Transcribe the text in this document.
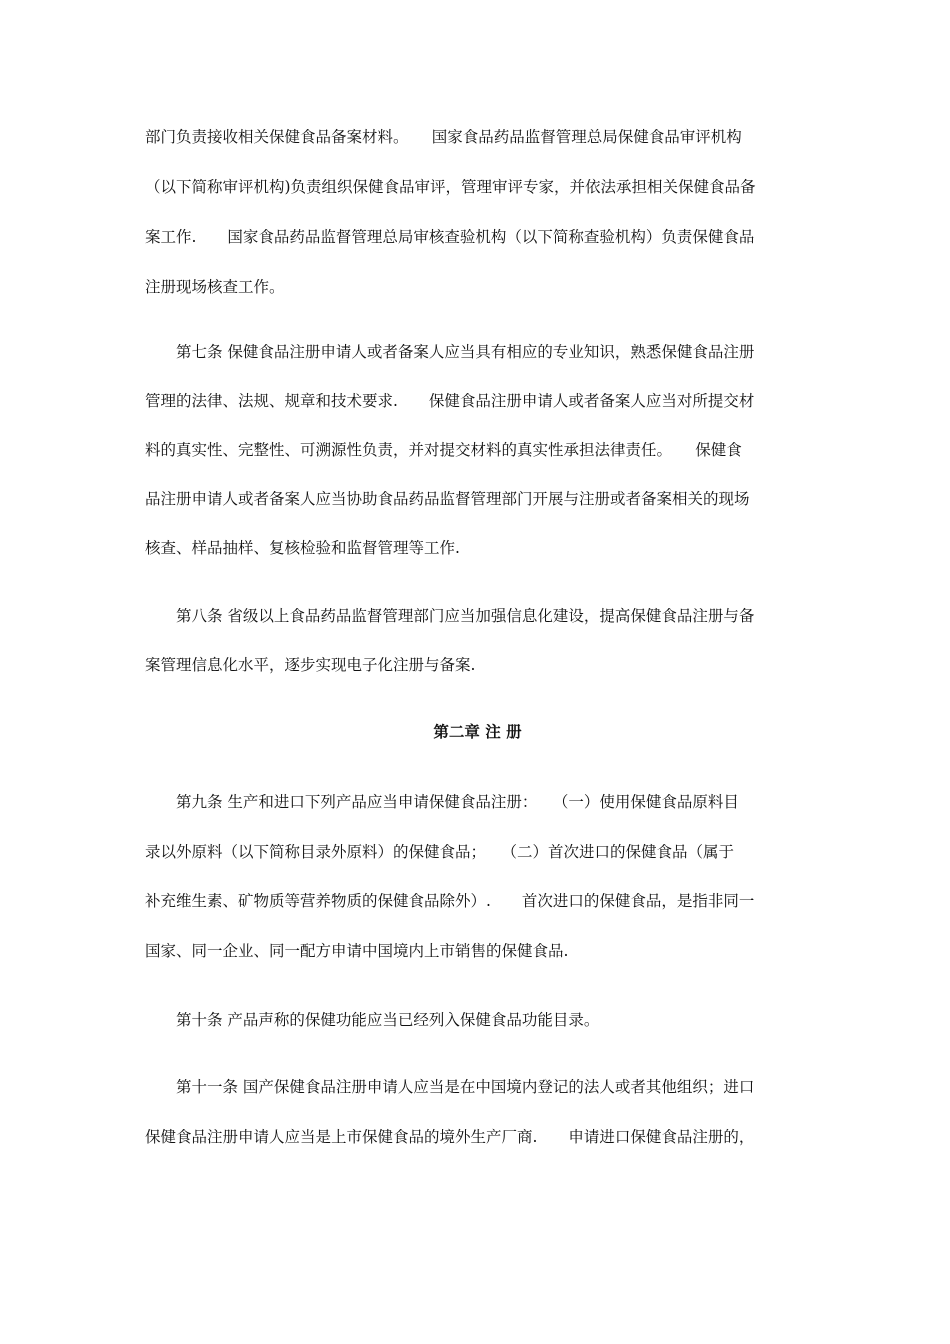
部门负责接收相关保健食品备案材料。　　国家食品药品监督管理总局保健食品审评机构
（以下简称审评机构)负责组织保健食品审评，管理审评专家，并依法承担相关保健食品备
案工作.　　国家食品药品监督管理总局审核查验机构（以下简称查验机构）负责保健食品
注册现场核查工作。
　　第七条 保健食品注册申请人或者备案人应当具有相应的专业知识，熟悉保健食品注册
管理的法律、法规、规章和技术要求.　　保健食品注册申请人或者备案人应当对所提交材
料的真实性、完整性、可溯源性负责，并对提交材料的真实性承担法律责任。　　保健食
品注册申请人或者备案人应当协助食品药品监督管理部门开展与注册或者备案相关的现场
核查、样品抽样、复核检验和监督管理等工作.
　　第八条 省级以上食品药品监督管理部门应当加强信息化建设，提高保健食品注册与备
案管理信息化水平，逐步实现电子化注册与备案.
第二章 注 册
　　第九条 生产和进口下列产品应当申请保健食品注册：　　（一）使用保健食品原料目
录以外原料（以下简称目录外原料）的保健食品；　　（二）首次进口的保健食品（属于
补充维生素、矿物质等营养物质的保健食品除外）.　　首次进口的保健食品，是指非同一
国家、同一企业、同一配方申请中国境内上市销售的保健食品.
　　第十条 产品声称的保健功能应当已经列入保健食品功能目录。
　　第十一条 国产保健食品注册申请人应当是在中国境内登记的法人或者其他组织；进口
保健食品注册申请人应当是上市保健食品的境外生产厂商.　　申请进口保健食品注册的，
